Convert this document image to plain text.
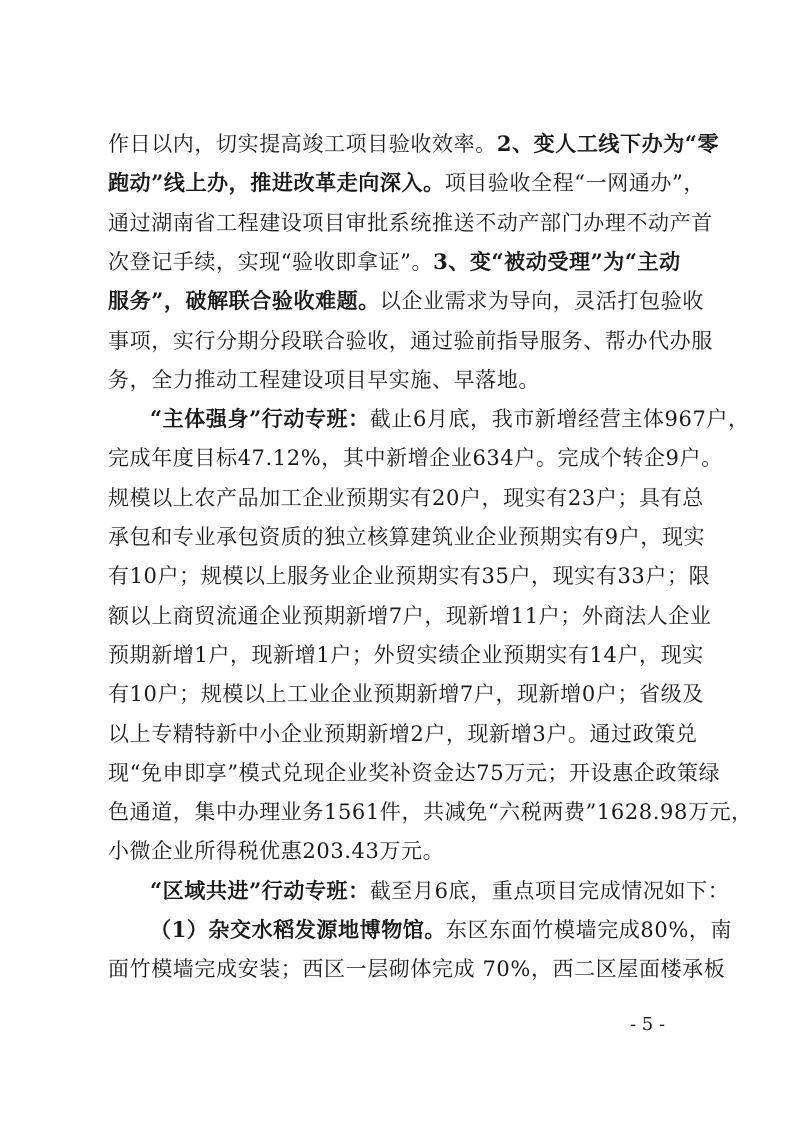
作日以内，切实提高竣工项目验收效率。2、变人工线下办为“零
跑动”线上办，推进改革走向深入。项目验收全程“一网通办”，
通过湖南省工程建设项目审批系统推送不动产部门办理不动产首
次登记手续，实现“验收即拿证”。3、变“被动受理”为“主动
服务”，破解联合验收难题。以企业需求为导向，灵活打包验收
事项，实行分期分段联合验收，通过验前指导服务、帮办代办服
务，全力推动工程建设项目早实施、早落地。
“主体强身”行动专班：截止6月底，我市新增经营主体967户，
完成年度目标47.12%，其中新增企业634户。完成个转企9户。
规模以上农产品加工企业预期实有20户，现实有23户；具有总
承包和专业承包资质的独立核算建筑业企业预期实有9户，现实
有10户；规模以上服务业企业预期实有35户，现实有33户；限
额以上商贸流通企业预期新增7户，现新增11户；外商法人企业
预期新增1户，现新增1户；外贸实绩企业预期实有14户，现实
有10户；规模以上工业企业预期新增7户，现新增0户；省级及
以上专精特新中小企业预期新增2户，现新增3户。通过政策兑
现“免申即享”模式兑现企业奖补资金达75万元；开设惠企政策绿
色通道，集中办理业务1561件，共减免“六税两费”1628.98万元，
小微企业所得税优惠203.43万元。
“区域共进”行动专班：截至月6底，重点项目完成情况如下：
（1）杂交水稻发源地博物馆。东区东面竹模墙完成80%，南
面竹模墙完成安装；西区一层砌体完成 70%，西二区屋面楼承板
- 5 -
